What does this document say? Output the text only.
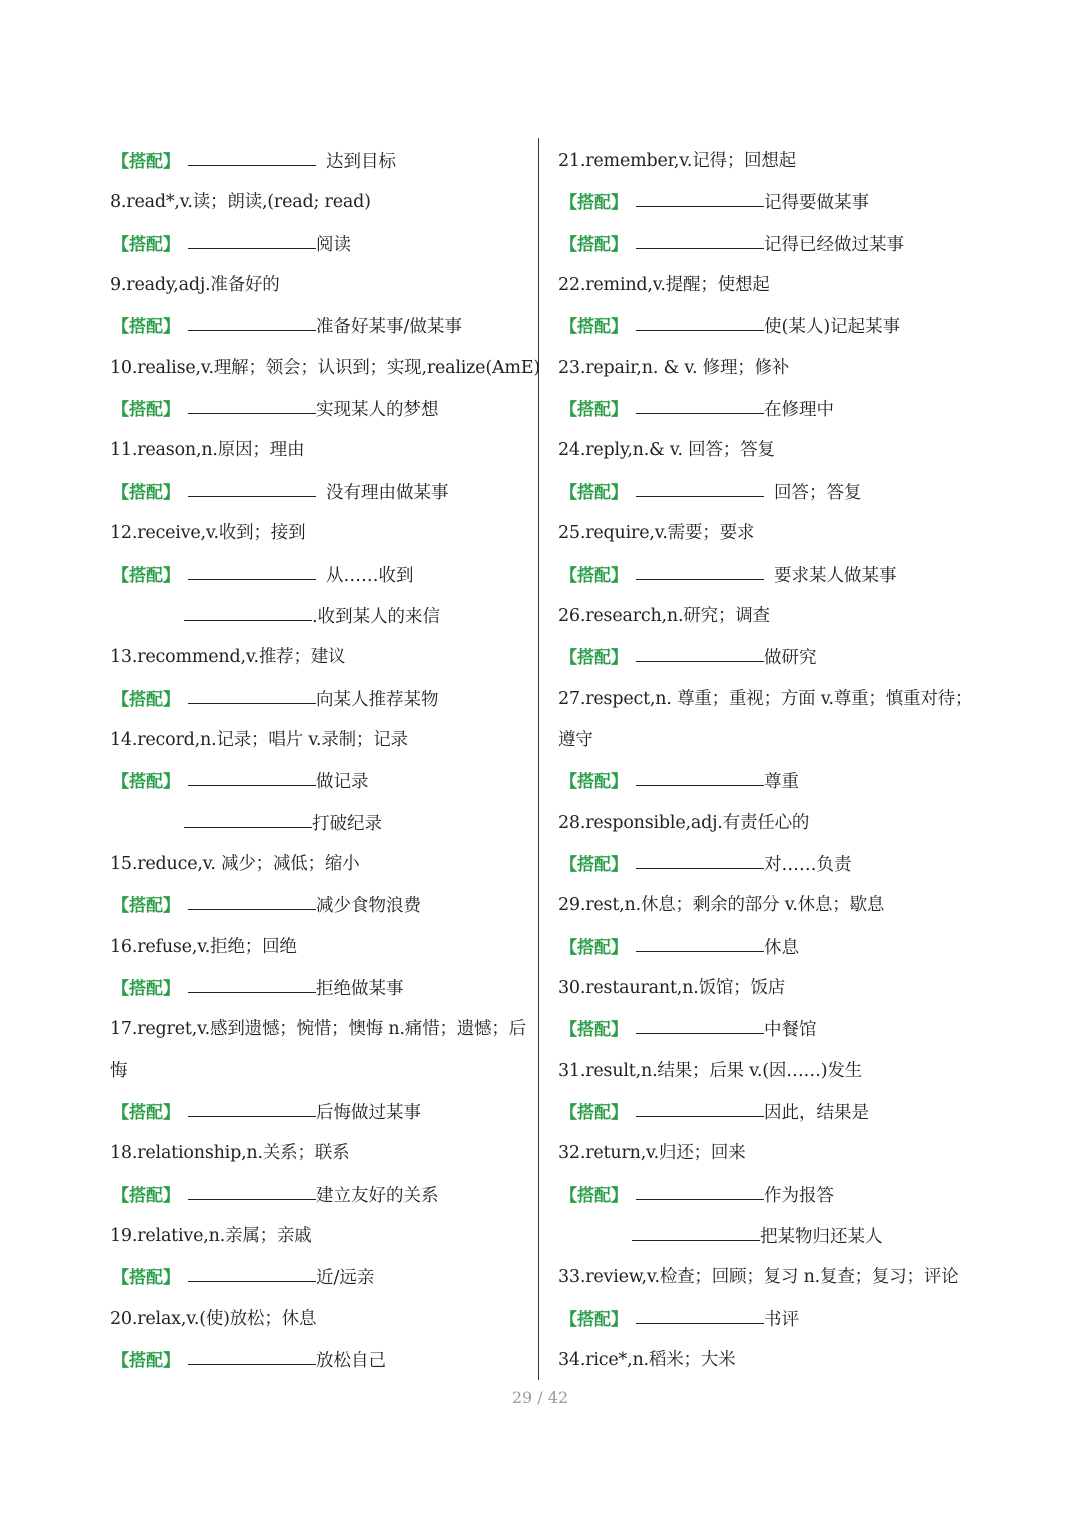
【搭配】	达到目标
8.read*,v.读；朗读,(read; read)
【搭配】	阅读
9.ready,adj.准备好的
【搭配】	准备好某事/做某事
10.realise,v.理解；领会；认识到；实现,realize(AmE)
【搭配】	实现某人的梦想
11.reason,n.原因；理由
【搭配】	没有理由做某事
12.receive,v.收到；接到
【搭配】	从……收到
.收到某人的来信
13.recommend,v.推荐；建议
【搭配】	向某人推荐某物
14.record,n.记录；唱片 v.录制；记录
【搭配】	做记录
打破纪录
15.reduce,v. 减少；减低；缩小
【搭配】	减少食物浪费
16.refuse,v.拒绝；回绝
【搭配】	拒绝做某事
17.regret,v.感到遗憾；惋惜；懊悔 n.痛惜；遗憾；后
悔
【搭配】	后悔做过某事
18.relationship,n.关系；联系
【搭配】	建立友好的关系
19.relative,n.亲属；亲戚
【搭配】	近/远亲
20.relax,v.(使)放松；休息
【搭配】	放松自己
21.remember,v.记得；回想起
【搭配】	记得要做某事
【搭配】	记得已经做过某事
22.remind,v.提醒；使想起
【搭配】	使(某人)记起某事
23.repair,n. & v. 修理；修补
【搭配】	在修理中
24.reply,n.& v. 回答；答复
【搭配】	回答；答复
25.require,v.需要；要求
【搭配】	要求某人做某事
26.research,n.研究；调查
【搭配】	做研究
27.respect,n. 尊重；重视；方面 v.尊重；慎重对待；
遵守
【搭配】	尊重
28.responsible,adj.有责任心的
【搭配】	对……负责
29.rest,n.休息；剩余的部分 v.休息；歇息
【搭配】	休息
30.restaurant,n.饭馆；饭店
【搭配】	中餐馆
31.result,n.结果；后果 v.(因……)发生
【搭配】	因此，结果是
32.return,v.归还；回来
【搭配】	作为报答
把某物归还某人
33.review,v.检查；回顾；复习 n.复查；复习；评论
【搭配】	书评
34.rice*,n.稻米；大米
29 / 42
